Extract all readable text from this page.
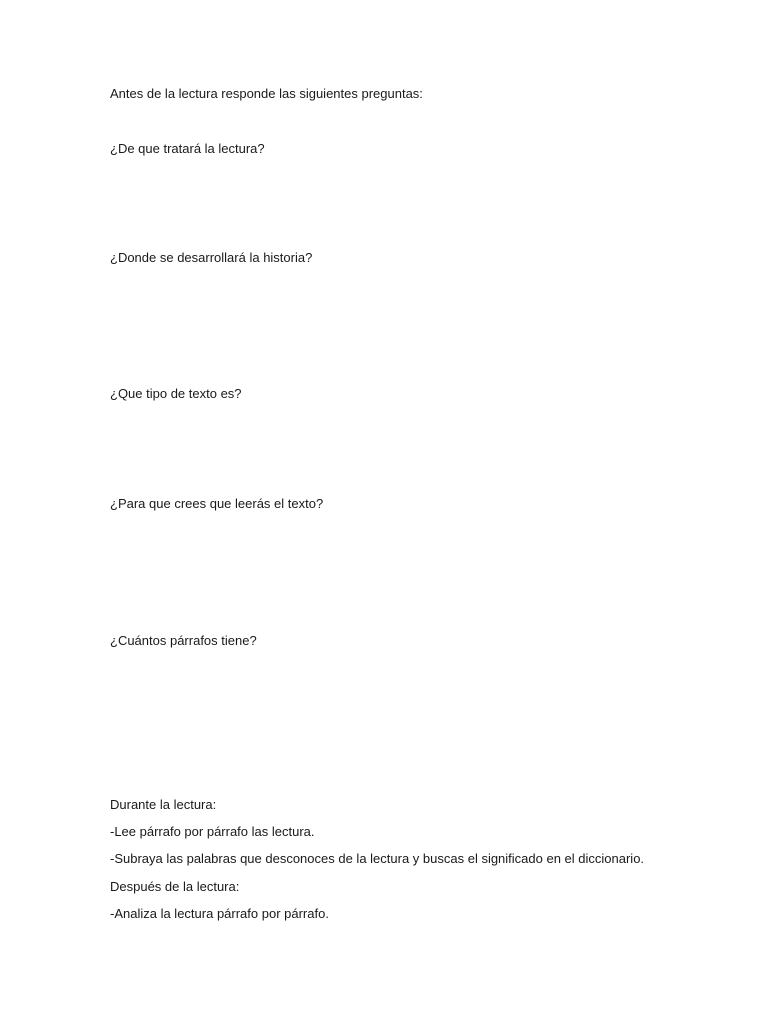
Antes de la lectura responde las siguientes preguntas:
¿De que tratará la lectura?
¿Donde se desarrollará la historia?
¿Que tipo de texto es?
¿Para que crees que leerás el texto?
¿Cuántos párrafos tiene?
Durante la lectura:
-Lee párrafo por párrafo las lectura.
-Subraya las palabras que desconoces de la lectura y buscas el significado en el diccionario.
Después de la lectura:
-Analiza la lectura párrafo por párrafo.
